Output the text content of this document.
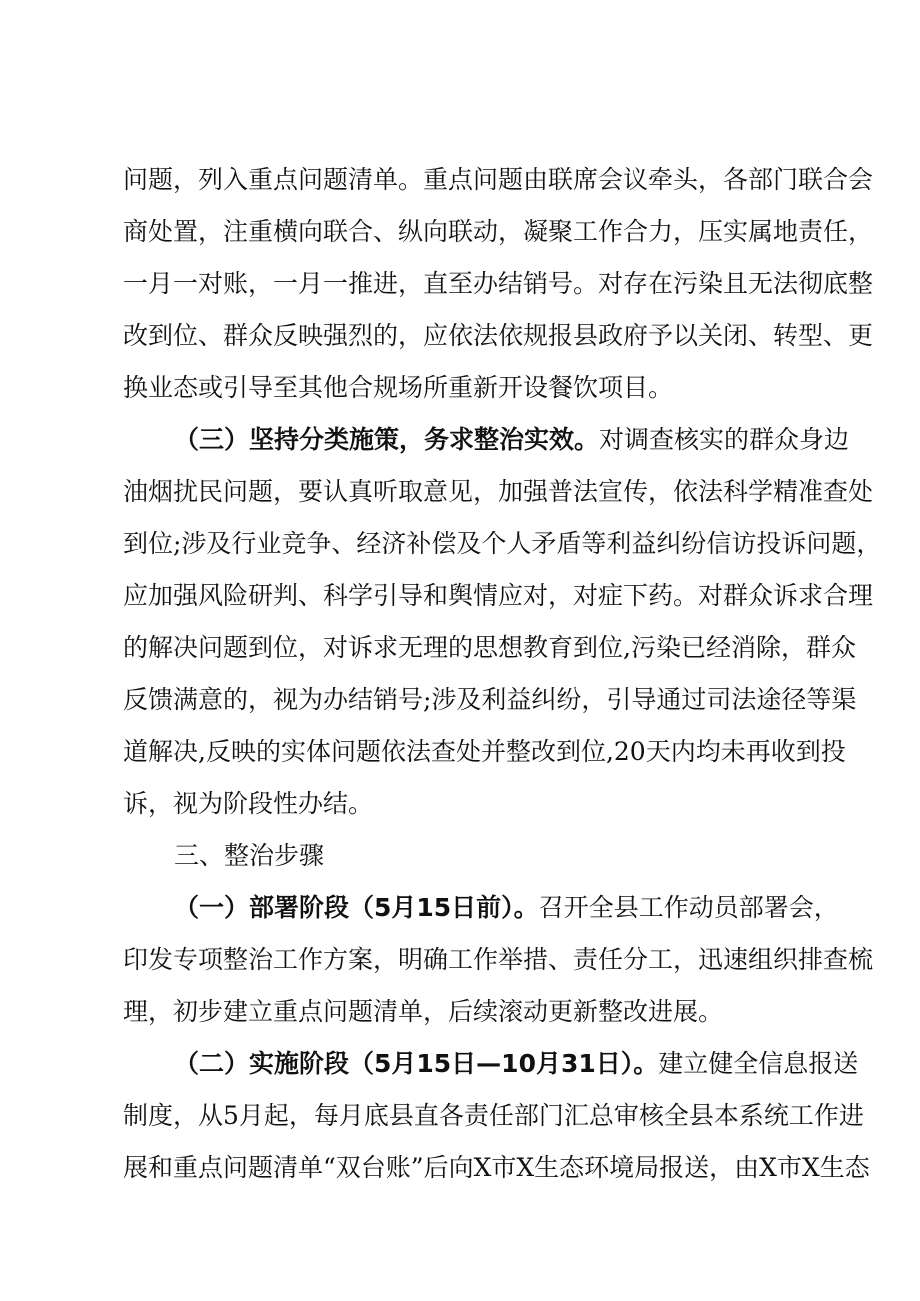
问题，列入重点问题清单。重点问题由联席会议牵头，各部门联合会
商处置，注重横向联合、纵向联动，凝聚工作合力，压实属地责任，
一月一对账，一月一推进，直至办结销号。对存在污染且无法彻底整
改到位、群众反映强烈的，应依法依规报县政府予以关闭、转型、更
换业态或引导至其他合规场所重新开设餐饮项目。
（三）坚持分类施策，务求整治实效。对调查核实的群众身边
油烟扰民问题，要认真听取意见，加强普法宣传，依法科学精准查处
到位;涉及行业竞争、经济补偿及个人矛盾等利益纠纷信访投诉问题，
应加强风险研判、科学引导和舆情应对，对症下药。对群众诉求合理
的解决问题到位，对诉求无理的思想教育到位,污染已经消除，群众
反馈满意的，视为办结销号;涉及利益纠纷，引导通过司法途径等渠
道解决,反映的实体问题依法查处并整改到位,20天内均未再收到投
诉，视为阶段性办结。
三、整治步骤
（一）部署阶段（5月15日前）。召开全县工作动员部署会，
印发专项整治工作方案，明确工作举措、责任分工，迅速组织排查梳
理，初步建立重点问题清单，后续滚动更新整改进展。
（二）实施阶段（5月15日—10月31日）。建立健全信息报送
制度，从5月起，每月底县直各责任部门汇总审核全县本系统工作进
展和重点问题清单“双台账”后向X市X生态环境局报送，由X市X生态
